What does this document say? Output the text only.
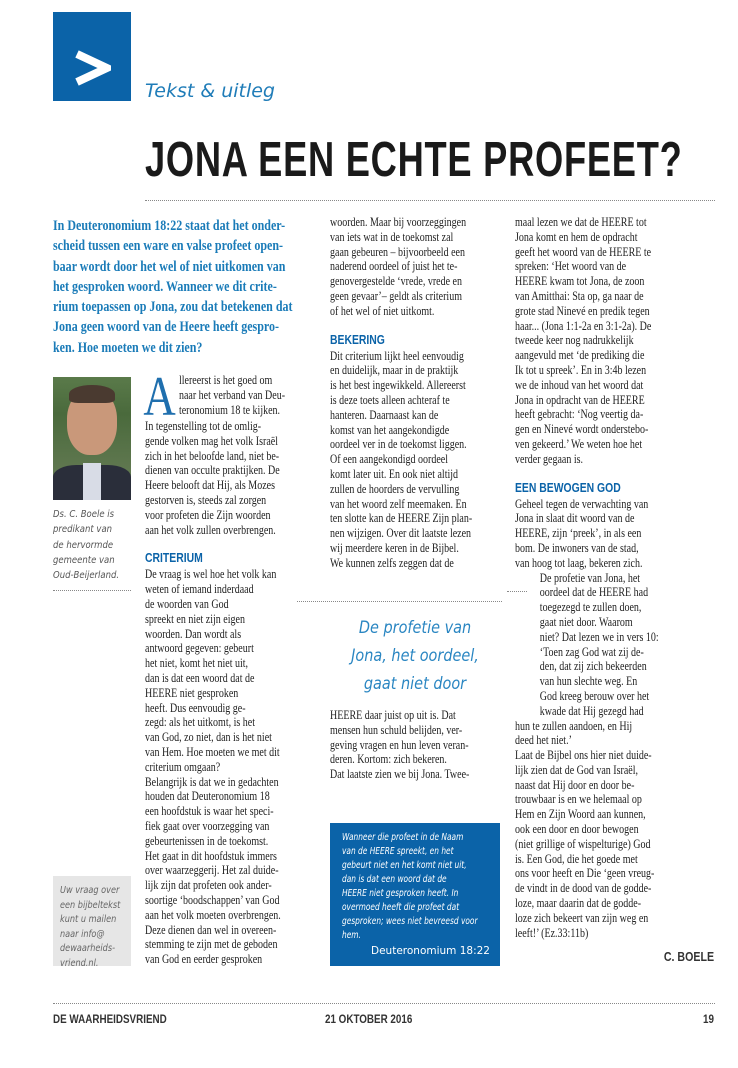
Tekst & uitleg
JONA EEN ECHTE PROFEET?
In Deuteronomium 18:22 staat dat het onder-
scheid tussen een ware en valse profeet open-
baar wordt door het wel of niet uitkomen van
het gesproken woord. Wanneer we dit crite-
rium toepassen op Jona, zou dat betekenen dat
Jona geen woord van de Heere heeft gespro-
ken. Hoe moeten we dit zien?
Ds. C. Boele is
predikant van
de hervormde
gemeente van
Oud-Beijerland.
Uw vraag over
een bijbeltekst
kunt u mailen
naar info@
dewaarheids-
vriend.nl.
Allereerst is het goed om
naar het verband van Deu-
teronomium 18 te kijken.
In tegenstelling tot de omlig-
gende volken mag het volk Israël
zich in het beloofde land, niet be-
dienen van occulte praktijken. De
Heere belooft dat Hij, als Mozes
gestorven is, steeds zal zorgen
voor profeten die Zijn woorden
aan het volk zullen overbrengen.
CRITERIUM
De vraag is wel hoe het volk kan
weten of iemand inderdaad
de woorden van God
spreekt en niet zijn eigen
woorden. Dan wordt als
antwoord gegeven: gebeurt
het niet, komt het niet uit,
dan is dat een woord dat de
HEERE niet gesproken
heeft. Dus eenvoudig ge-
zegd: als het uitkomt, is het
van God, zo niet, dan is het niet
van Hem. Hoe moeten we met dit
criterium omgaan?
Belangrijk is dat we in gedachten
houden dat Deuteronomium 18
een hoofdstuk is waar het speci-
fiek gaat over voorzegging van
gebeurtenissen in de toekomst.
Het gaat in dit hoofdstuk immers
over waarzeggerij. Het zal duide-
lijk zijn dat profeten ook ander-
soortige ‘boodschappen’ van God
aan het volk moeten overbrengen.
Deze dienen dan wel in overeen-
stemming te zijn met de geboden
van God en eerder gesproken
woorden. Maar bij voorzeggingen
van iets wat in de toekomst zal
gaan gebeuren – bijvoorbeeld een
naderend oordeel of juist het te-
genovergestelde ‘vrede, vrede en
geen gevaar’– geldt als criterium
of het wel of niet uitkomt.
BEKERING
Dit criterium lijkt heel eenvoudig
en duidelijk, maar in de praktijk
is het best ingewikkeld. Allereerst
is deze toets alleen achteraf te
hanteren. Daarnaast kan de
komst van het aangekondigde
oordeel ver in de toekomst liggen.
Of een aangekondigd oordeel
komt later uit. En ook niet altijd
zullen de hoorders de vervulling
van het woord zelf meemaken. En
ten slotte kan de HEERE Zijn plan-
nen wijzigen. Over dit laatste lezen
wij meerdere keren in de Bijbel.
We kunnen zelfs zeggen dat de
De profetie van
Jona, het oordeel,
gaat niet door
HEERE daar juist op uit is. Dat
mensen hun schuld belijden, ver-
geving vragen en hun leven veran-
deren. Kortom: zich bekeren.
Dat laatste zien we bij Jona. Twee-
Wanneer die profeet in de Naam
van de HEERE spreekt, en het
gebeurt niet en het komt niet uit,
dan is dat een woord dat de
HEERE niet gesproken heeft. In
overmoed heeft die profeet dat
gesproken; wees niet bevreesd voor
hem.
Deuteronomium 18:22
maal lezen we dat de HEERE tot
Jona komt en hem de opdracht
geeft het woord van de HEERE te
spreken: ‘Het woord van de
HEERE kwam tot Jona, de zoon
van Amitthai: Sta op, ga naar de
grote stad Ninevé en predik tegen
haar... (Jona 1:1-2a en 3:1-2a). De
tweede keer nog nadrukkelijk
aangevuld met ‘de prediking die
Ik tot u spreek’. En in 3:4b lezen
we de inhoud van het woord dat
Jona in opdracht van de HEERE
heeft gebracht: ‘Nog veertig da-
gen en Ninevé wordt onderstebo-
ven gekeerd.’ We weten hoe het
verder gegaan is.
EEN BEWOGEN GOD
Geheel tegen de verwachting van
Jona in slaat dit woord van de
HEERE, zijn ‘preek’, in als een
bom. De inwoners van de stad,
van hoog tot laag, bekeren zich.
De profetie van Jona, het
oordeel dat de HEERE had
toegezegd te zullen doen,
gaat niet door. Waarom
niet? Dat lezen we in vers 10:
‘Toen zag God wat zij de-
den, dat zij zich bekeerden
van hun slechte weg. En
God kreeg berouw over het
kwade dat Hij gezegd had
hun te zullen aandoen, en Hij
deed het niet.’
Laat de Bijbel ons hier niet duide-
lijk zien dat de God van Israël,
naast dat Hij door en door be-
trouwbaar is en we helemaal op
Hem en Zijn Woord aan kunnen,
ook een door en door bewogen
(niet grillige of wispelturige) God
is. Een God, die het goede met
ons voor heeft en Die ‘geen vreug-
de vindt in de dood van de godde-
loze, maar daarin dat de godde-
loze zich bekeert van zijn weg en
leeft!’ (Ez.33:11b)
C. BOELE
DE WAARHEIDSVRIEND	21 OKTOBER 2016	19
